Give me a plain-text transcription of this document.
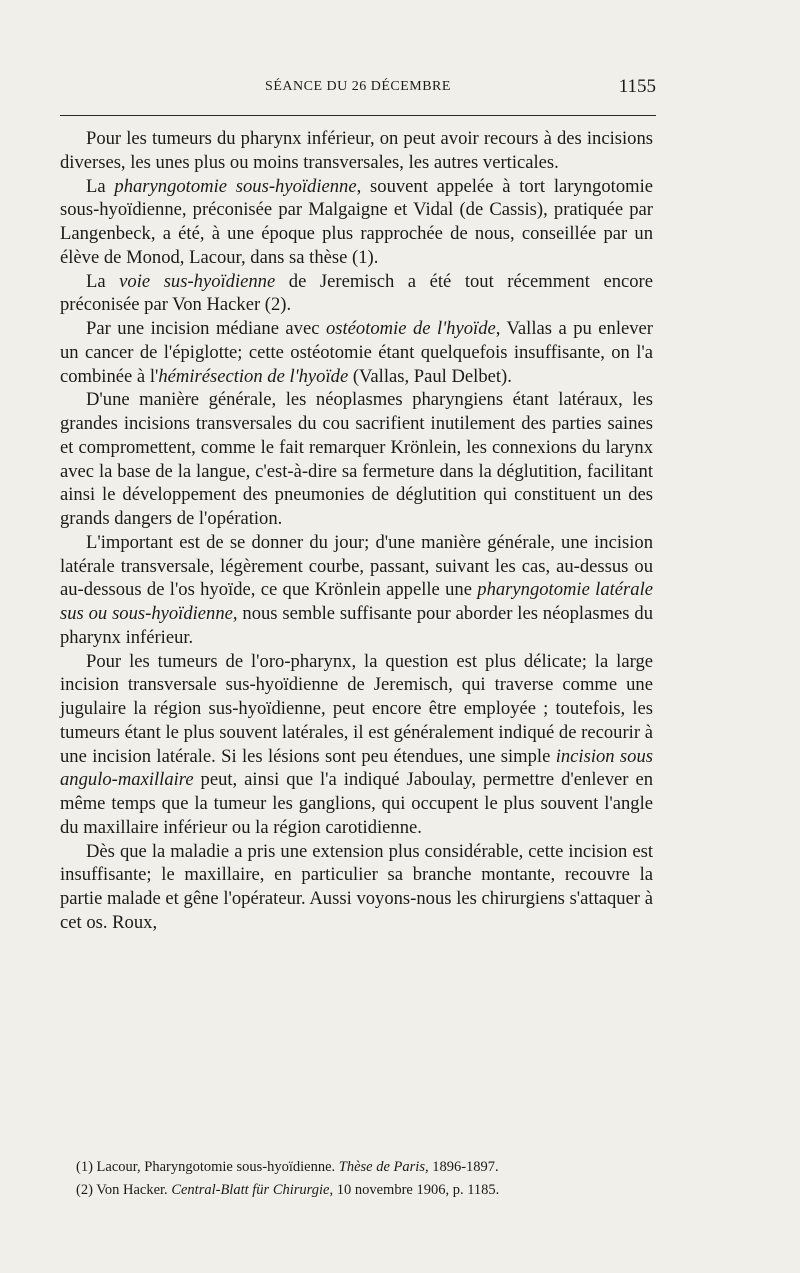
SÉANCE DU 26 DÉCEMBRE	1155

Pour les tumeurs du pharynx inférieur, on peut avoir recours à des incisions diverses, les unes plus ou moins transversales, les autres verticales.

La pharyngotomie sous-hyoïdienne, souvent appelée à tort laryngotomie sous-hyoïdienne, préconisée par Malgaigne et Vidal (de Cassis), pratiquée par Langenbeck, a été, à une époque plus rapprochée de nous, conseillée par un élève de Monod, Lacour, dans sa thèse (1).

La voie sus-hyoïdienne de Jeremisch a été tout récemment encore préconisée par Von Hacker (2).

Par une incision médiane avec ostéotomie de l'hyoïde, Vallas a pu enlever un cancer de l'épiglotte; cette ostéotomie étant quelquefois insuffisante, on l'a combinée à l'hémirésection de l'hyoïde (Vallas, Paul Delbet).

D'une manière générale, les néoplasmes pharyngiens étant latéraux, les grandes incisions transversales du cou sacrifient inutilement des parties saines et compromettent, comme le fait remarquer Krönlein, les connexions du larynx avec la base de la langue, c'est-à-dire sa fermeture dans la déglutition, facilitant ainsi le développement des pneumonies de déglutition qui constituent un des grands dangers de l'opération.

L'important est de se donner du jour; d'une manière générale, une incision latérale transversale, légèrement courbe, passant, suivant les cas, au-dessus ou au-dessous de l'os hyoïde, ce que Krönlein appelle une pharyngotomie latérale sus ou sous-hyoïdienne, nous semble suffisante pour aborder les néoplasmes du pharynx inférieur.

Pour les tumeurs de l'oro-pharynx, la question est plus délicate; la large incision transversale sus-hyoïdienne de Jeremisch, qui traverse comme une jugulaire la région sus-hyoïdienne, peut encore être employée ; toutefois, les tumeurs étant le plus souvent latérales, il est généralement indiqué de recourir à une incision latérale. Si les lésions sont peu étendues, une simple incision sous angulo-maxillaire peut, ainsi que l'a indiqué Jaboulay, permettre d'enlever en même temps que la tumeur les ganglions, qui occupent le plus souvent l'angle du maxillaire inférieur ou la région carotidienne.

Dès que la maladie a pris une extension plus considérable, cette incision est insuffisante; le maxillaire, en particulier sa branche montante, recouvre la partie malade et gêne l'opérateur. Aussi voyons-nous les chirurgiens s'attaquer à cet os. Roux,

(1) Lacour, Pharyngotomie sous-hyoïdienne. Thèse de Paris, 1896-1897.

(2) Von Hacker. Central-Blatt für Chirurgie, 10 novembre 1906, p. 1185.
